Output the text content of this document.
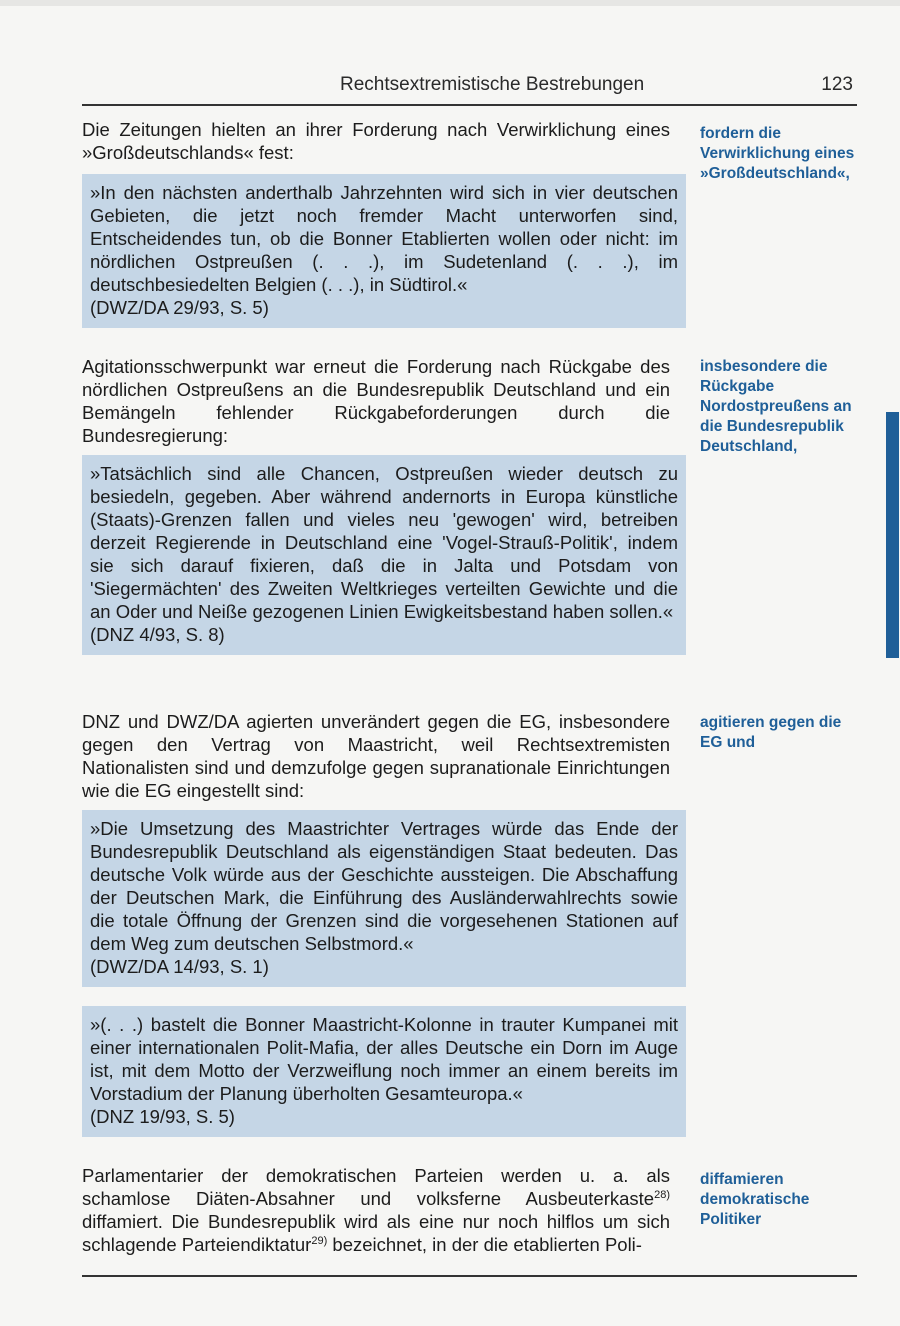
Rechtsextremistische Bestrebungen	123

Die Zeitungen hielten an ihrer Forderung nach Verwirklichung eines »Großdeutschlands« fest:

»In den nächsten anderthalb Jahrzehnten wird sich in vier deutschen Gebieten, die jetzt noch fremder Macht unterworfen sind, Entscheidendes tun, ob die Bonner Etablierten wollen oder nicht: im nördlichen Ostpreußen (. . .), im Sudetenland (. . .), im deutschbesiedelten Belgien (. . .), in Südtirol.«
(DWZ/DA 29/93, S. 5)

Agitationsschwerpunkt war erneut die Forderung nach Rückgabe des nördlichen Ostpreußens an die Bundesrepublik Deutschland und ein Bemängeln fehlender Rückgabeforderungen durch die Bundesregierung:

»Tatsächlich sind alle Chancen, Ostpreußen wieder deutsch zu besiedeln, gegeben. Aber während andernorts in Europa künstliche (Staats)-Grenzen fallen und vieles neu 'gewogen' wird, betreiben derzeit Regierende in Deutschland eine 'Vogel-Strauß-Politik', indem sie sich darauf fixieren, daß die in Jalta und Potsdam von 'Siegermächten' des Zweiten Weltkrieges verteilten Gewichte und die an Oder und Neiße gezogenen Linien Ewigkeitsbestand haben sollen.«
(DNZ 4/93, S. 8)

DNZ und DWZ/DA agierten unverändert gegen die EG, insbesondere gegen den Vertrag von Maastricht, weil Rechtsextremisten Nationalisten sind und demzufolge gegen supranationale Einrichtungen wie die EG eingestellt sind:

»Die Umsetzung des Maastrichter Vertrages würde das Ende der Bundesrepublik Deutschland als eigenständigen Staat bedeuten. Das deutsche Volk würde aus der Geschichte aussteigen. Die Abschaffung der Deutschen Mark, die Einführung des Ausländerwahlrechts sowie die totale Öffnung der Grenzen sind die vorgesehenen Stationen auf dem Weg zum deutschen Selbstmord.«
(DWZ/DA 14/93, S. 1)
»(. . .) bastelt die Bonner Maastricht-Kolonne in trauter Kumpanei mit einer internationalen Polit-Mafia, der alles Deutsche ein Dorn im Auge ist, mit dem Motto der Verzweiflung noch immer an einem bereits im Vorstadium der Planung überholten Gesamteuropa.«
(DNZ 19/93, S. 5)

Parlamentarier der demokratischen Parteien werden u. a. als schamlose Diäten-Absahner und volksferne Ausbeuterkaste$^{28)}$ diffamiert. Die Bundesrepublik wird als eine nur noch hilflos um sich schlagende Parteiendiktatur$^{29)}$ bezeichnet, in der die etablierten Poli-

fordern die Verwirklichung eines »Großdeutschland«,
insbesondere die Rückgabe Nordostpreußens an die Bundesrepublik Deutschland,
agitieren gegen die EG und
diffamieren demokratische Politiker
